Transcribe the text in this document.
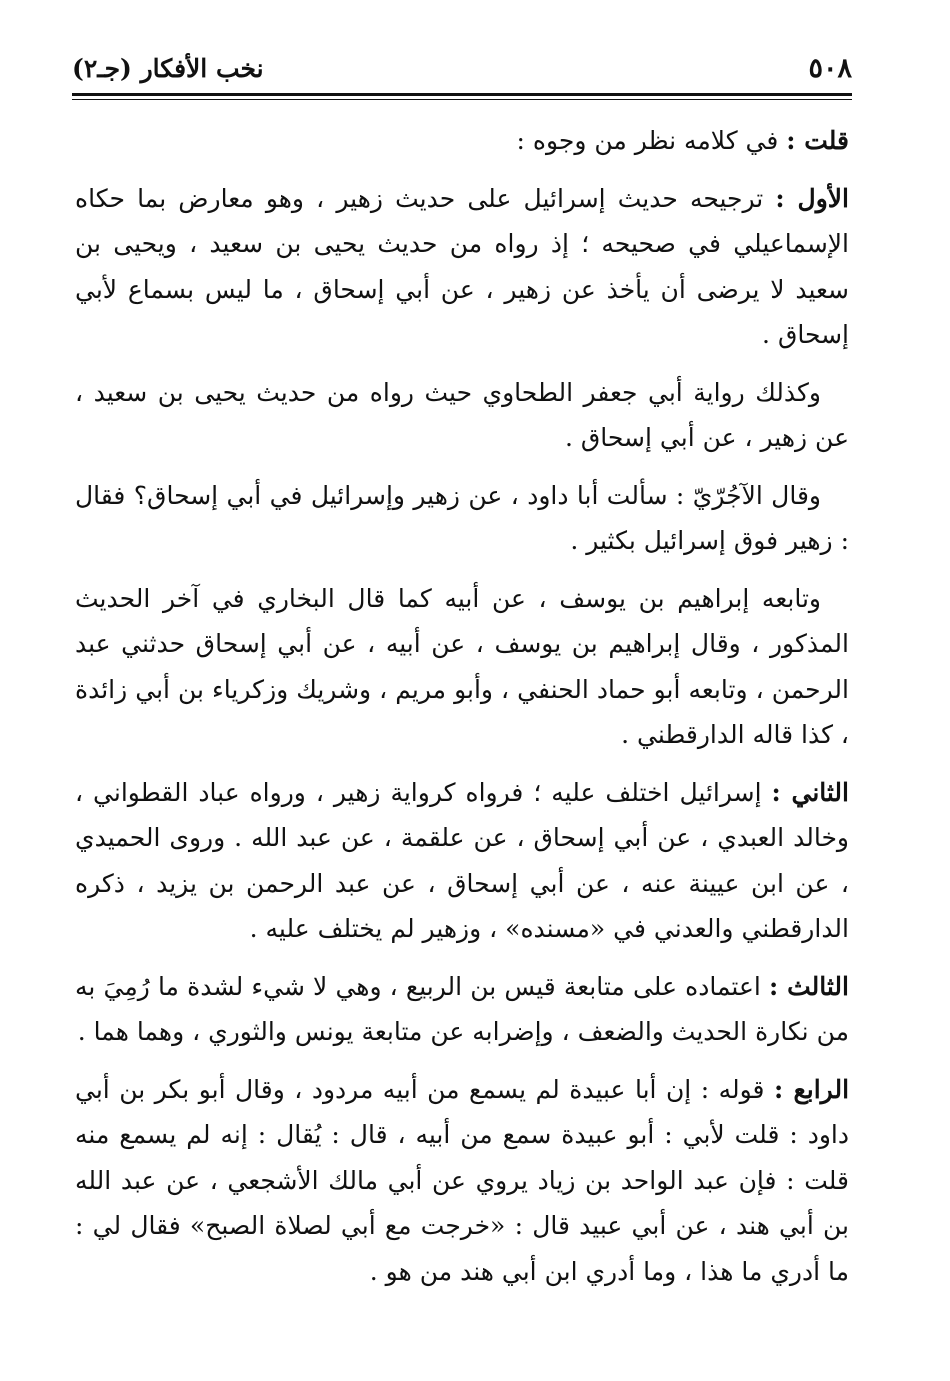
٥٠٨
نخب الأفكار (جـ٢)

قلت : في كلامه نظر من وجوه :

الأول : ترجيحه حديث إسرائيل على حديث زهير ، وهو معارض بما حكاه الإسماعيلي في صحيحه ؛ إذ رواه من حديث يحيى بن سعيد ، ويحيى بن سعيد لا يرضى أن يأخذ عن زهير ، عن أبي إسحاق ، ما ليس بسماع لأبي إسحاق .

وكذلك رواية أبي جعفر الطحاوي حيث رواه من حديث يحيى بن سعيد ، عن زهير ، عن أبي إسحاق .

وقال الآجُرّيّ : سألت أبا داود ، عن زهير وإسرائيل في أبي إسحاق؟ فقال : زهير فوق إسرائيل بكثير .

وتابعه إبراهيم بن يوسف ، عن أبيه كما قال البخاري في آخر الحديث المذكور ، وقال إبراهيم بن يوسف ، عن أبيه ، عن أبي إسحاق حدثني عبد الرحمن ، وتابعه أبو حماد الحنفي ، وأبو مريم ، وشريك وزكرياء بن أبي زائدة ، كذا قاله الدارقطني .

الثاني : إسرائيل اختلف عليه ؛ فرواه كرواية زهير ، ورواه عباد القطواني ، وخالد العبدي ، عن أبي إسحاق ، عن علقمة ، عن عبد الله . وروى الحميدي ، عن ابن عيينة عنه ، عن أبي إسحاق ، عن عبد الرحمن بن يزيد ، ذكره الدارقطني والعدني في «مسنده» ، وزهير لم يختلف عليه .

الثالث : اعتماده على متابعة قيس بن الربيع ، وهي لا شيء لشدة ما رُمِيَ به من نكارة الحديث والضعف ، وإضرابه عن متابعة يونس والثوري ، وهما هما .

الرابع : قوله : إن أبا عبيدة لم يسمع من أبيه مردود ، وقال أبو بكر بن أبي داود : قلت لأبي : أبو عبيدة سمع من أبيه ، قال : يُقال : إنه لم يسمع منه قلت : فإن عبد الواحد بن زياد يروي عن أبي مالك الأشجعي ، عن عبد الله بن أبي هند ، عن أبي عبيد قال : «خرجت مع أبي لصلاة الصبح» فقال لي : ما أدري ما هذا ، وما أدري ابن أبي هند من هو .
